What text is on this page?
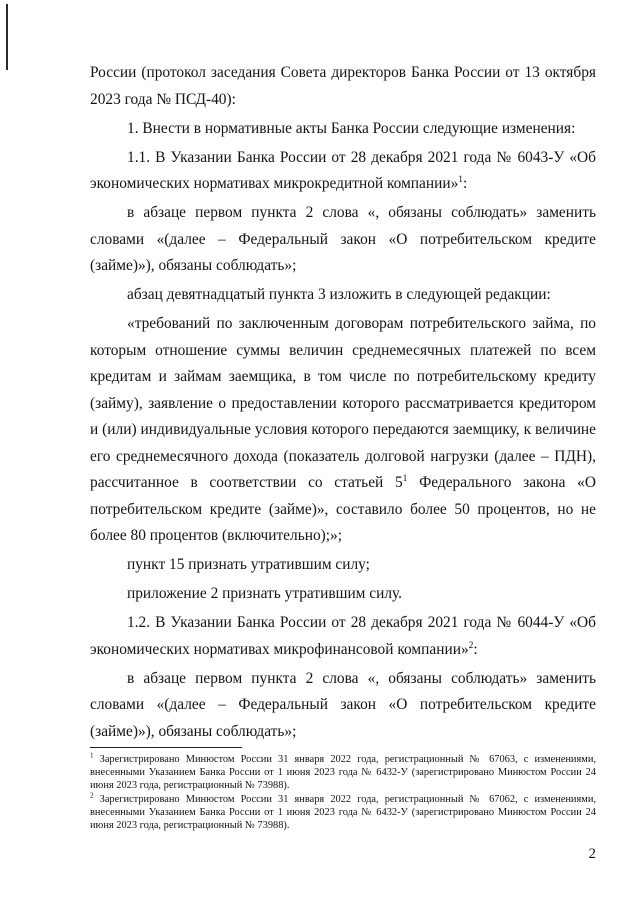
России (протокол заседания Совета директоров Банка России от 13 октября 2023 года № ПСД-40):

1. Внести в нормативные акты Банка России следующие изменения:

1.1. В Указании Банка России от 28 декабря 2021 года № 6043-У «Об экономических нормативах микрокредитной компании»$^1$:

в абзаце первом пункта 2 слова «, обязаны соблюдать» заменить словами «(далее – Федеральный закон «О потребительском кредите (займе)»), обязаны соблюдать»;

абзац девятнадцатый пункта 3 изложить в следующей редакции:

«требований по заключенным договорам потребительского займа, по которым отношение суммы величин среднемесячных платежей по всем кредитам и займам заемщика, в том числе по потребительскому кредиту (займу), заявление о предоставлении которого рассматривается кредитором и (или) индивидуальные условия которого передаются заемщику, к величине его среднемесячного дохода (показатель долговой нагрузки (далее – ПДН), рассчитанное в соответствии со статьей $5^1$ Федерального закона «О потребительском кредите (займе)», составило более 50 процентов, но не более 80 процентов (включительно);»;

пункт 15 признать утратившим силу;

приложение 2 признать утратившим силу.

1.2. В Указании Банка России от 28 декабря 2021 года № 6044-У «Об экономических нормативах микрофинансовой компании»$^2$:

в абзаце первом пункта 2 слова «, обязаны соблюдать» заменить словами «(далее – Федеральный закон «О потребительском кредите (займе)»), обязаны соблюдать»;

$^1$ Зарегистрировано Минюстом России 31 января 2022 года, регистрационный № 67063, с изменениями, внесенными Указанием Банка России от 1 июня 2023 года № 6432-У (зарегистрировано Минюстом России 24 июня 2023 года, регистрационный № 73988).

$^2$ Зарегистрировано Минюстом России 31 января 2022 года, регистрационный № 67062, с изменениями, внесенными Указанием Банка России от 1 июня 2023 года № 6432-У (зарегистрировано Минюстом России 24 июня 2023 года, регистрационный № 73988).

2
